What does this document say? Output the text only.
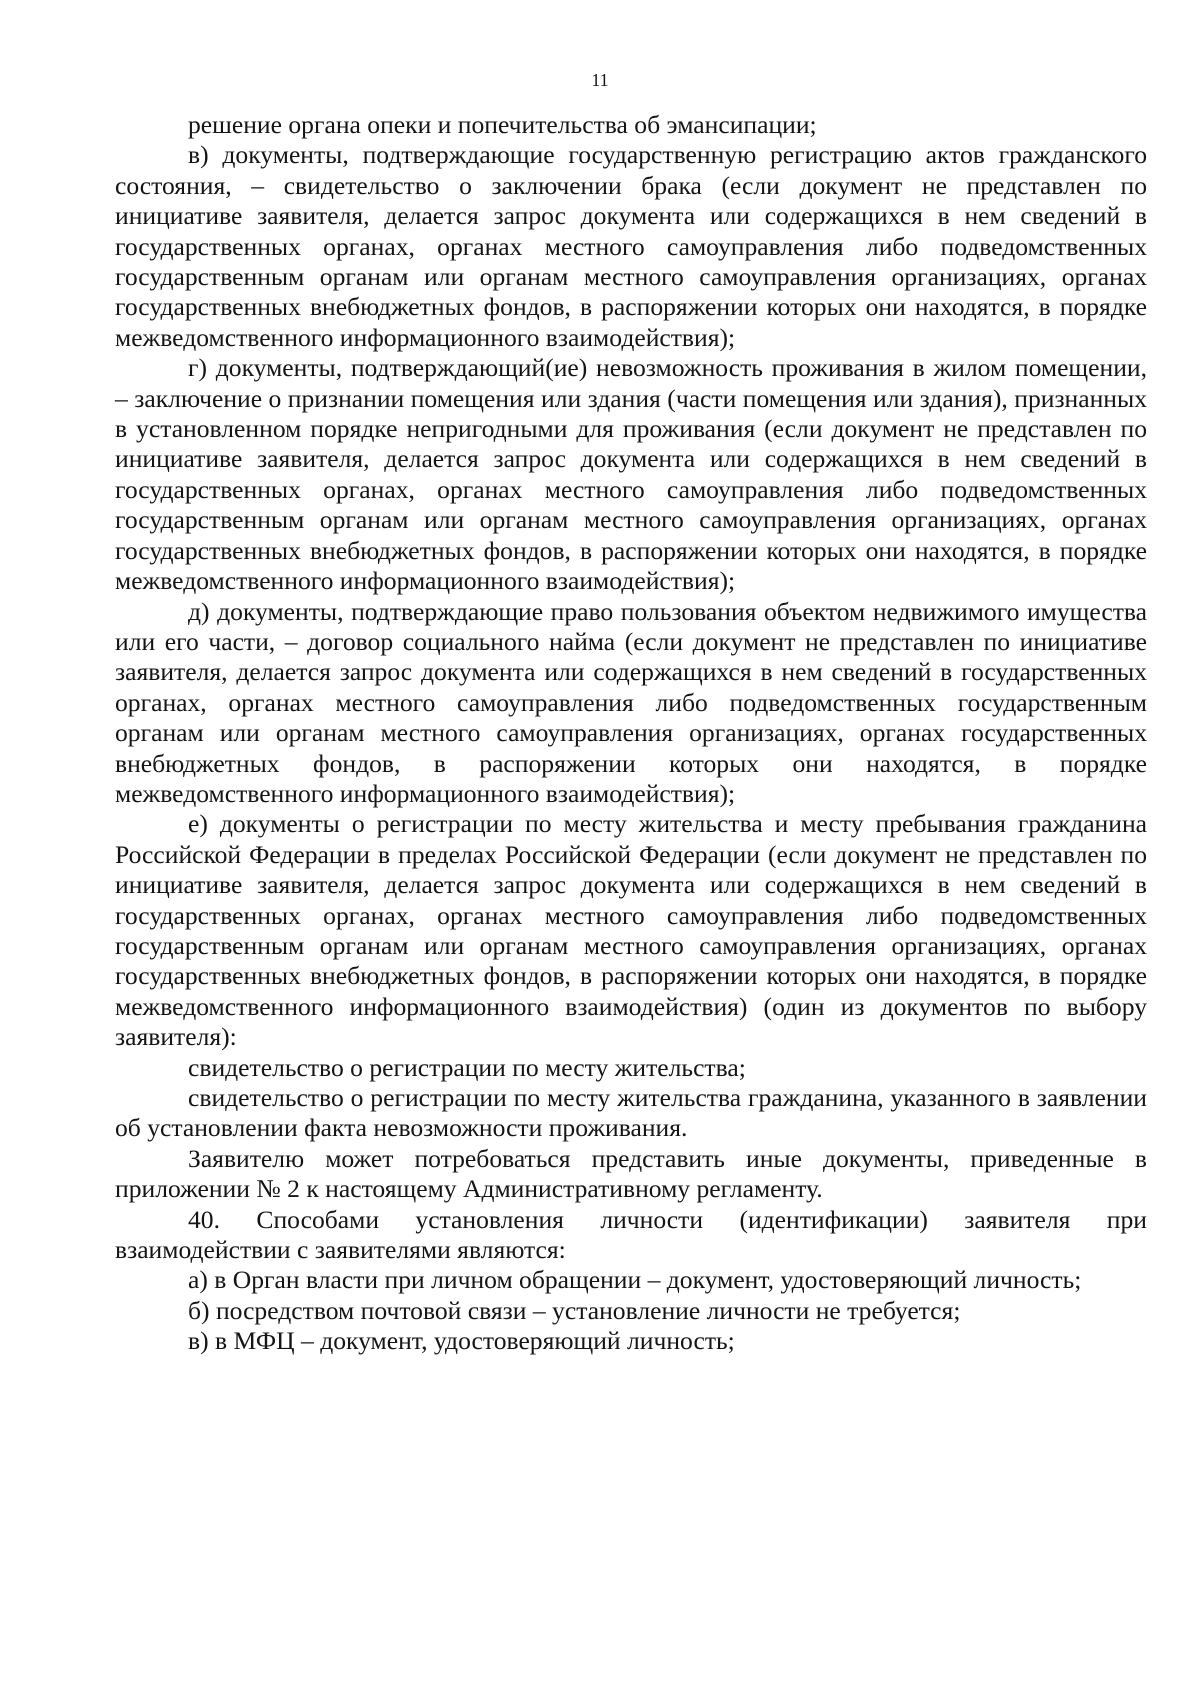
11

решение органа опеки и попечительства об эмансипации;

в) документы, подтверждающие государственную регистрацию актов гражданского состояния, – свидетельство о заключении брака (если документ не представлен по инициативе заявителя, делается запрос документа или содержащихся в нем сведений в государственных органах, органах местного самоуправления либо подведомственных государственным органам или органам местного самоуправления организациях, органах государственных внебюджетных фондов, в распоряжении которых они находятся, в порядке межведомственного информационного взаимодействия);

г) документы, подтверждающий(ие) невозможность проживания в жилом помещении, – заключение о признании помещения или здания (части помещения или здания), признанных в установленном порядке непригодными для проживания (если документ не представлен по инициативе заявителя, делается запрос документа или содержащихся в нем сведений в государственных органах, органах местного самоуправления либо подведомственных государственным органам или органам местного самоуправления организациях, органах государственных внебюджетных фондов, в распоряжении которых они находятся, в порядке межведомственного информационного взаимодействия);

д) документы, подтверждающие право пользования объектом недвижимого имущества или его части, – договор социального найма (если документ не представлен по инициативе заявителя, делается запрос документа или содержащихся в нем сведений в государственных органах, органах местного самоуправления либо подведомственных государственным органам или органам местного самоуправления организациях, органах государственных внебюджетных фондов, в распоряжении которых они находятся, в порядке межведомственного информационного взаимодействия);

е) документы о регистрации по месту жительства и месту пребывания гражданина Российской Федерации в пределах Российской Федерации (если документ не представлен по инициативе заявителя, делается запрос документа или содержащихся в нем сведений в государственных органах, органах местного самоуправления либо подведомственных государственным органам или органам местного самоуправления организациях, органах государственных внебюджетных фондов, в распоряжении которых они находятся, в порядке межведомственного информационного взаимодействия) (один из документов по выбору заявителя):

свидетельство о регистрации по месту жительства;

свидетельство о регистрации по месту жительства гражданина, указанного в заявлении об установлении факта невозможности проживания.

Заявителю может потребоваться представить иные документы, приведенные в приложении № 2 к настоящему Административному регламенту.

40. Способами установления личности (идентификации) заявителя при взаимодействии с заявителями являются:

а) в Орган власти при личном обращении – документ, удостоверяющий личность;

б) посредством почтовой связи – установление личности не требуется;

в) в МФЦ – документ, удостоверяющий личность;
